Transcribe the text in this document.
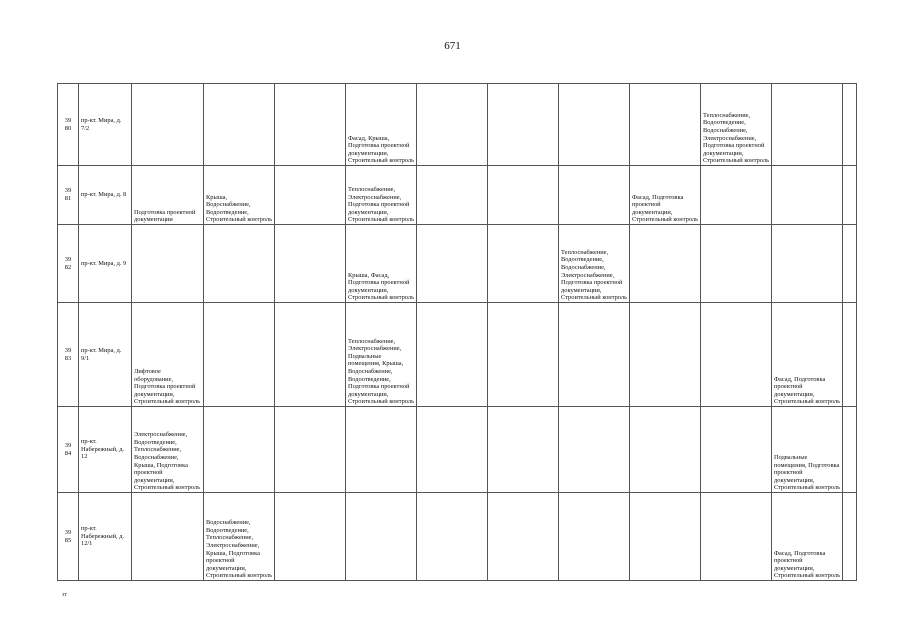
671
39
80	пр-кт. Мира, д. 7/2				Фасад, Крыша, Подготовка проектной документации, Строительный контроль					Теплоснабжение, Водоотведение, Водоснабжение, Электроснабжение, Подготовка проектной документации, Строительный контроль		

39
81	пр-кт. Мира, д. 8	Подготовка проектной документации	Крыша, Водоснабжение, Водоотведение, Строительный контроль		Теплоснабжение, Электроснабжение, Подготовка проектной документации, Строительный контроль				Фасад, Подготовка проектной документации, Строительный контроль			

39
82	пр-кт. Мира, д. 9				Крыша, Фасад, Подготовка проектной документации, Строительный контроль			Теплоснабжение, Водоотведение, Водоснабжение, Электроснабжение, Подготовка проектной документации, Строительный контроль				

39
83	пр-кт. Мира, д. 9/1	Лифтовое оборудование, Подготовка проектной документации, Строительный контроль			Теплоснабжение, Электроснабжение, Подвальные помещения, Крыша, Водоснабжение, Водоотведение, Подготовка проектной документации, Строительный контроль						Фасад, Подготовка проектной документации, Строительный контроль	

39
84	пр-кт. Набережный, д. 12	Электроснабжение, Водоотведение, Теплоснабжение, Водоснабжение, Крыша, Подготовка проектной документации, Строительный контроль									Подвальные помещения, Подготовка проектной документации, Строительный контроль	

39
85	пр-кт. Набережный, д. 12/1		Водоснабжение, Водоотведение, Теплоснабжение, Электроснабжение, Крыша, Подготовка проектной документации, Строительный контроль								Фасад, Подготовка проектной документации, Строительный контроль	
зт
